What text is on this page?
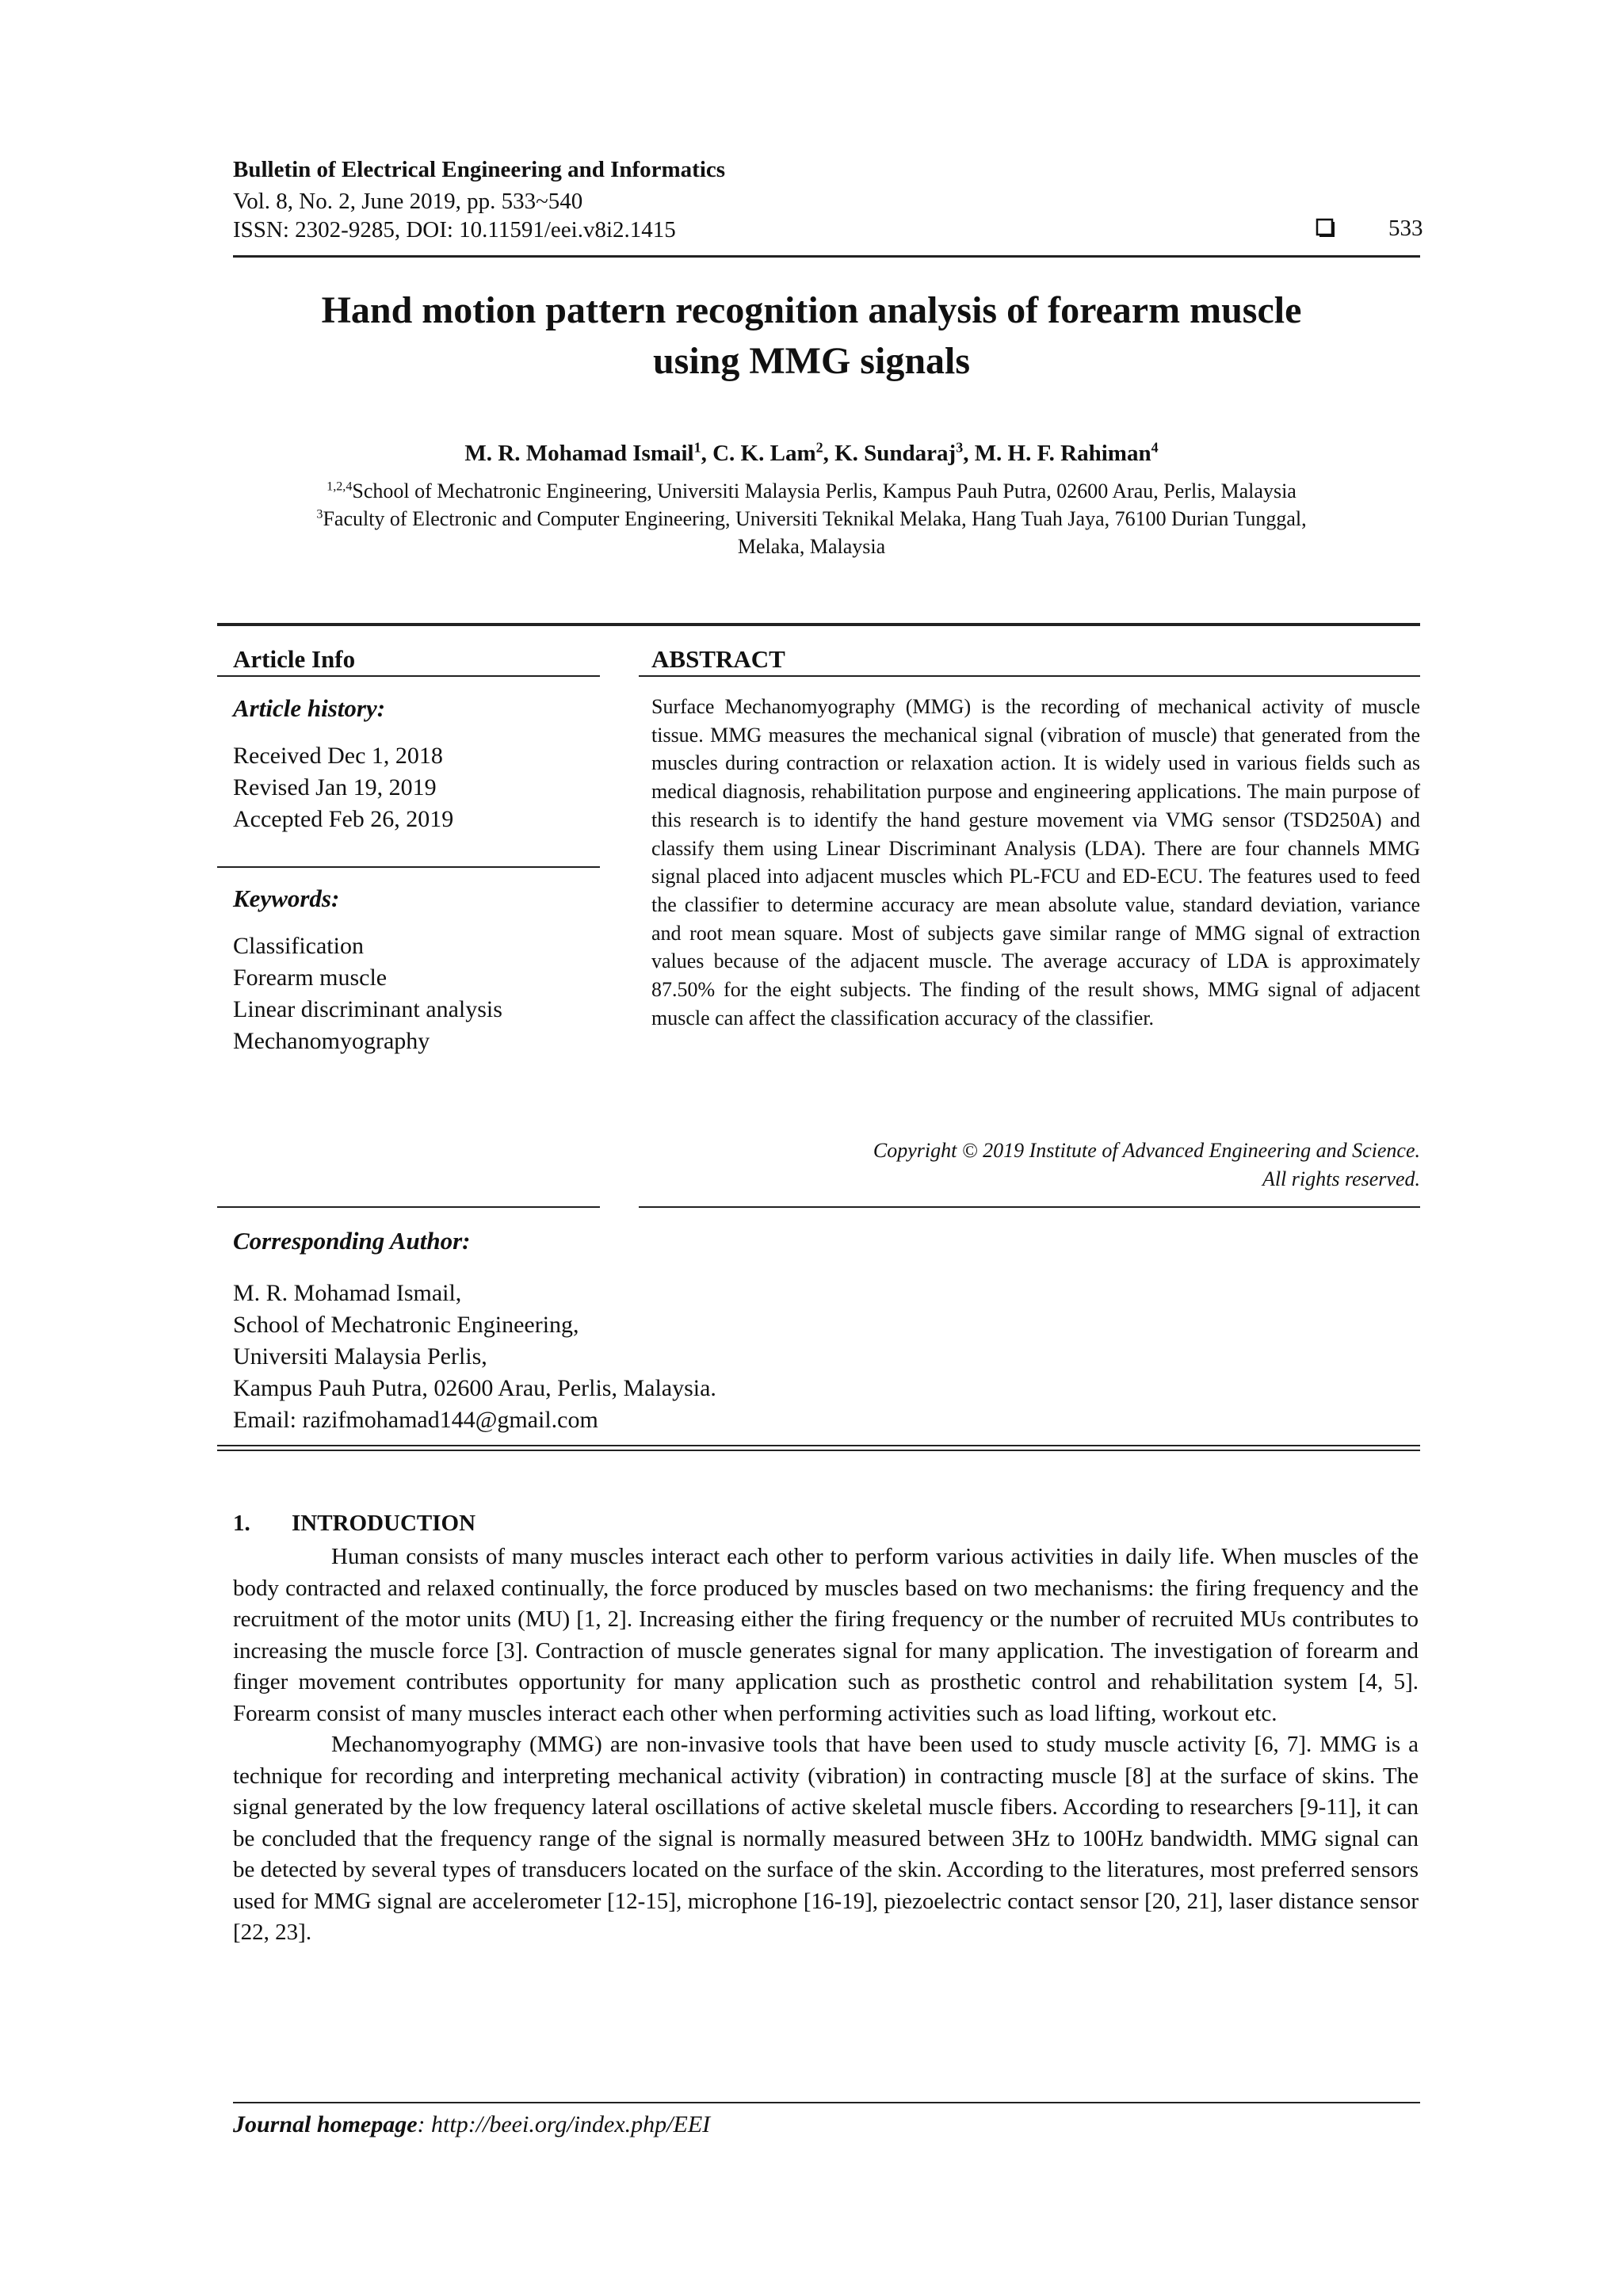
Bulletin of Electrical Engineering and Informatics
Vol. 8, No. 2, June 2019, pp. 533~540
ISSN: 2302-9285, DOI: 10.11591/eei.v8i2.1415	533
Hand motion pattern recognition analysis of forearm muscle
using MMG signals
M. R. Mohamad Ismail$^1$, C. K. Lam$^2$, K. Sundaraj$^3$, M. H. F. Rahiman$^4$
$^{1,2,4}$School of Mechatronic Engineering, Universiti Malaysia Perlis, Kampus Pauh Putra, 02600 Arau, Perlis, Malaysia
$^3$Faculty of Electronic and Computer Engineering, Universiti Teknikal Melaka, Hang Tuah Jaya, 76100 Durian Tunggal,
Melaka, Malaysia
Article Info
Article history:
Received Dec 1, 2018
Revised Jan 19, 2019
Accepted Feb 26, 2019
Keywords:
Classification
Forearm muscle
Linear discriminant analysis
Mechanomyography
ABSTRACT
Surface Mechanomyography (MMG) is the recording of mechanical activity of muscle tissue. MMG measures the mechanical signal (vibration of muscle) that generated from the muscles during contraction or relaxation action. It is widely used in various fields such as medical diagnosis, rehabilitation purpose and engineering applications. The main purpose of this research is to identify the hand gesture movement via VMG sensor (TSD250A) and classify them using Linear Discriminant Analysis (LDA). There are four channels MMG signal placed into adjacent muscles which PL-FCU and ED-ECU. The features used to feed the classifier to determine accuracy are mean absolute value, standard deviation, variance and root mean square. Most of subjects gave similar range of MMG signal of extraction values because of the adjacent muscle. The average accuracy of LDA is approximately 87.50% for the eight subjects. The finding of the result shows, MMG signal of adjacent muscle can affect the classification accuracy of the classifier.
Copyright © 2019 Institute of Advanced Engineering and Science.
All rights reserved.
Corresponding Author:
M. R. Mohamad Ismail,
School of Mechatronic Engineering,
Universiti Malaysia Perlis,
Kampus Pauh Putra, 02600 Arau, Perlis, Malaysia.
Email: razifmohamad144@gmail.com
1. INTRODUCTION

Human consists of many muscles interact each other to perform various activities in daily life. When muscles of the body contracted and relaxed continually, the force produced by muscles based on two mechanisms: the firing frequency and the recruitment of the motor units (MU) [1, 2]. Increasing either the firing frequency or the number of recruited MUs contributes to increasing the muscle force [3]. Contraction of muscle generates signal for many application. The investigation of forearm and finger movement contributes opportunity for many application such as prosthetic control and rehabilitation system [4, 5]. Forearm consist of many muscles interact each other when performing activities such as load lifting, workout etc.

Mechanomyography (MMG) are non-invasive tools that have been used to study muscle activity [6, 7]. MMG is a technique for recording and interpreting mechanical activity (vibration) in contracting muscle [8] at the surface of skins. The signal generated by the low frequency lateral oscillations of active skeletal muscle fibers. According to researchers [9-11], it can be concluded that the frequency range of the signal is normally measured between 3Hz to 100Hz bandwidth. MMG signal can be detected by several types of transducers located on the surface of the skin. According to the literatures, most preferred sensors used for MMG signal are accelerometer [12-15], microphone [16-19], piezoelectric contact sensor [20, 21], laser distance sensor [22, 23].

Journal homepage: http://beei.org/index.php/EEI
